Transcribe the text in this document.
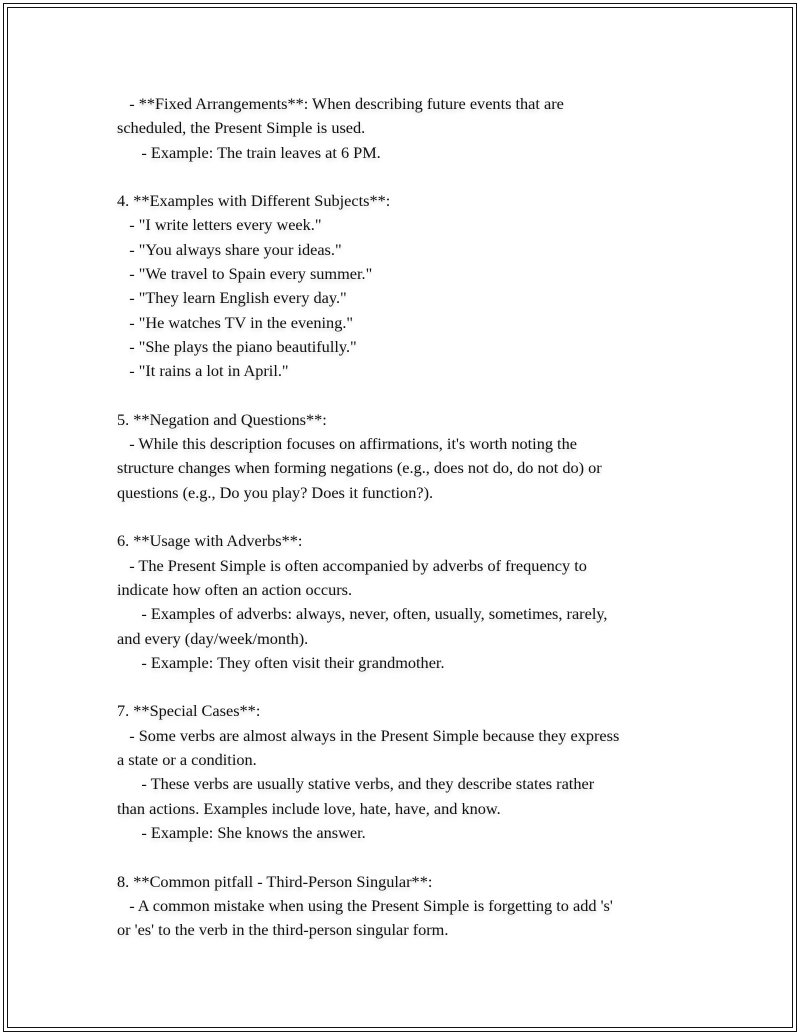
- **Fixed Arrangements**: When describing future events that are
scheduled, the Present Simple is used.
- Example: The train leaves at 6 PM.
4. **Examples with Different Subjects**:
- "I write letters every week."
- "You always share your ideas."
- "We travel to Spain every summer."
- "They learn English every day."
- "He watches TV in the evening."
- "She plays the piano beautifully."
- "It rains a lot in April."
5. **Negation and Questions**:
- While this description focuses on affirmations, it's worth noting the
structure changes when forming negations (e.g., does not do, do not do) or
questions (e.g., Do you play? Does it function?).
6. **Usage with Adverbs**:
- The Present Simple is often accompanied by adverbs of frequency to
indicate how often an action occurs.
- Examples of adverbs: always, never, often, usually, sometimes, rarely,
and every (day/week/month).
- Example: They often visit their grandmother.
7. **Special Cases**:
- Some verbs are almost always in the Present Simple because they express
a state or a condition.
- These verbs are usually stative verbs, and they describe states rather
than actions. Examples include love, hate, have, and know.
- Example: She knows the answer.
8. **Common pitfall - Third-Person Singular**:
- A common mistake when using the Present Simple is forgetting to add 's'
or 'es' to the verb in the third-person singular form.
